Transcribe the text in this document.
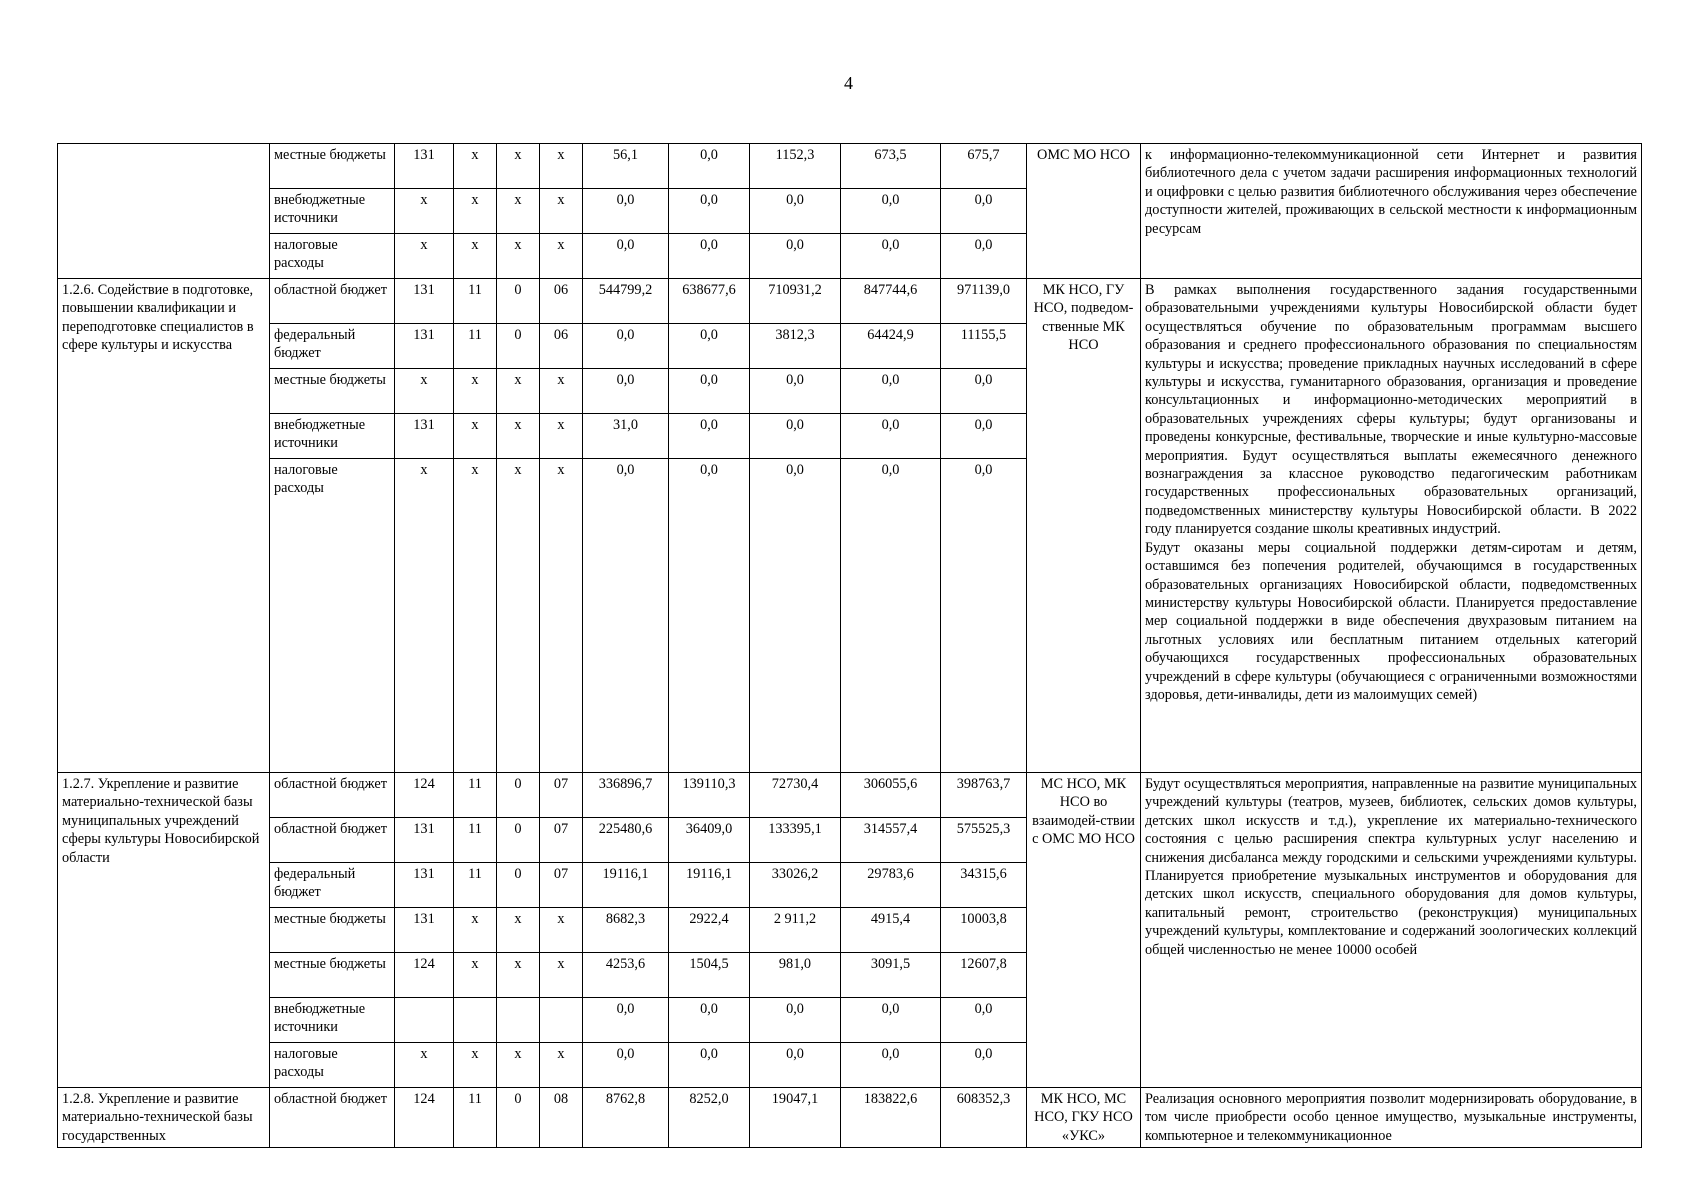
4
	местные бюджеты	131	х	х	х	56,1	0,0	1152,3	673,5	675,7	ОМС МО НСО	к информационно-телекоммуникационной сети Интернет и развития библиотечного дела с учетом задачи расширения информационных технологий и оцифровки с целью развития библиотечного обслуживания через обеспечение доступности жителей, проживающих в сельской местности к информационным ресурсам

	внебюджетные источники	х	х	х	х	0,0	0,0	0,0	0,0	0,0		
	налоговые расходы	х	х	х	х	0,0	0,0	0,0	0,0	0,0		
1.2.6. Содействие в подготовке, повышении квалификации и переподготовке специалистов в сфере культуры и искусства	областной бюджет	131	11	0	06	544799,2	638677,6	710931,2	847744,6	971139,0	МК НСО, ГУ НСО, подведом-ственные МК НСО	В рамках выполнения государственного задания государственными образовательными учреждениями культуры Новосибирской области будет осуществляться обучение по образовательным программам высшего образования и среднего профессионального образования по специальностям культуры и искусства; проведение прикладных научных исследований в сфере культуры и искусства, гуманитарного образования, организация и проведение консультационных и информационно-методических мероприятий в образовательных учреждениях сферы культуры; будут организованы и проведены конкурсные, фестивальные, творческие и иные культурно-массовые мероприятия. Будут осуществляться выплаты ежемесячного денежного вознаграждения за классное руководство педагогическим работникам государственных профессиональных образовательных организаций, подведомственных министерству культуры Новосибирской области. В 2022 году планируется создание школы креативных индустрий.
Будут оказаны меры социальной поддержки детям-сиротам и детям, оставшимся без попечения родителей, обучающимся в государственных образовательных организациях Новосибирской области, подведомственных министерству культуры Новосибирской области. Планируется предоставление мер социальной поддержки в виде обеспечения двухразовым питанием на льготных условиях или бесплатным питанием отдельных категорий обучающихся государственных профессиональных образовательных учреждений в сфере культуры (обучающиеся с ограниченными возможностями здоровья, дети-инвалиды, дети из малоимущих семей)

	федеральный бюджет	131	11	0	06	0,0	0,0	3812,3	64424,9	11155,5		
	местные бюджеты	х	х	х	х	0,0	0,0	0,0	0,0	0,0		
	внебюджетные источники	131	х	х	х	31,0	0,0	0,0	0,0	0,0		
	налоговые расходы	х	х	х	х	0,0	0,0	0,0	0,0	0,0		
1.2.7. Укрепление и развитие материально-технической базы муниципальных учреждений сферы культуры Новосибирской области	областной бюджет	124	11	0	07	336896,7	139110,3	72730,4	306055,6	398763,7	МС НСО, МК НСО во взаимодей-ствии с ОМС МО НСО	Будут осуществляться мероприятия, направленные на развитие муниципальных учреждений культуры (театров, музеев, библиотек, сельских домов культуры, детских школ искусств и т.д.), укрепление их материально-технического состояния с целью расширения спектра культурных услуг населению и снижения дисбаланса между городскими и сельскими учреждениями культуры. Планируется приобретение музыкальных инструментов и оборудования для детских школ искусств, специального оборудования для домов культуры, капитальный ремонт, строительство (реконструкция) муниципальных учреждений культуры, комплектование и содержаний зоологических коллекций общей численностью не менее 10000 особей

	областной бюджет	131	11	0	07	225480,6	36409,0	133395,1	314557,4	575525,3		
	федеральный бюджет	131	11	0	07	19116,1	19116,1	33026,2	29783,6	34315,6		
	местные бюджеты	131	х	х	х	8682,3	2922,4	2 911,2	4915,4	10003,8		
	местные бюджеты	124	х	х	х	4253,6	1504,5	981,0	3091,5	12607,8		
	внебюджетные источники					0,0	0,0	0,0	0,0	0,0		
	налоговые расходы	х	х	х	х	0,0	0,0	0,0	0,0	0,0		
1.2.8. Укрепление и развитие материально-технической базы государственных	областной бюджет	124	11	0	08	8762,8	8252,0	19047,1	183822,6	608352,3	МК НСО, МС НСО, ГКУ НСО «УКС»	Реализация основного мероприятия позволит модернизировать оборудование, в том числе приобрести особо ценное имущество, музыкальные инструменты, компьютерное и телекоммуникационное
